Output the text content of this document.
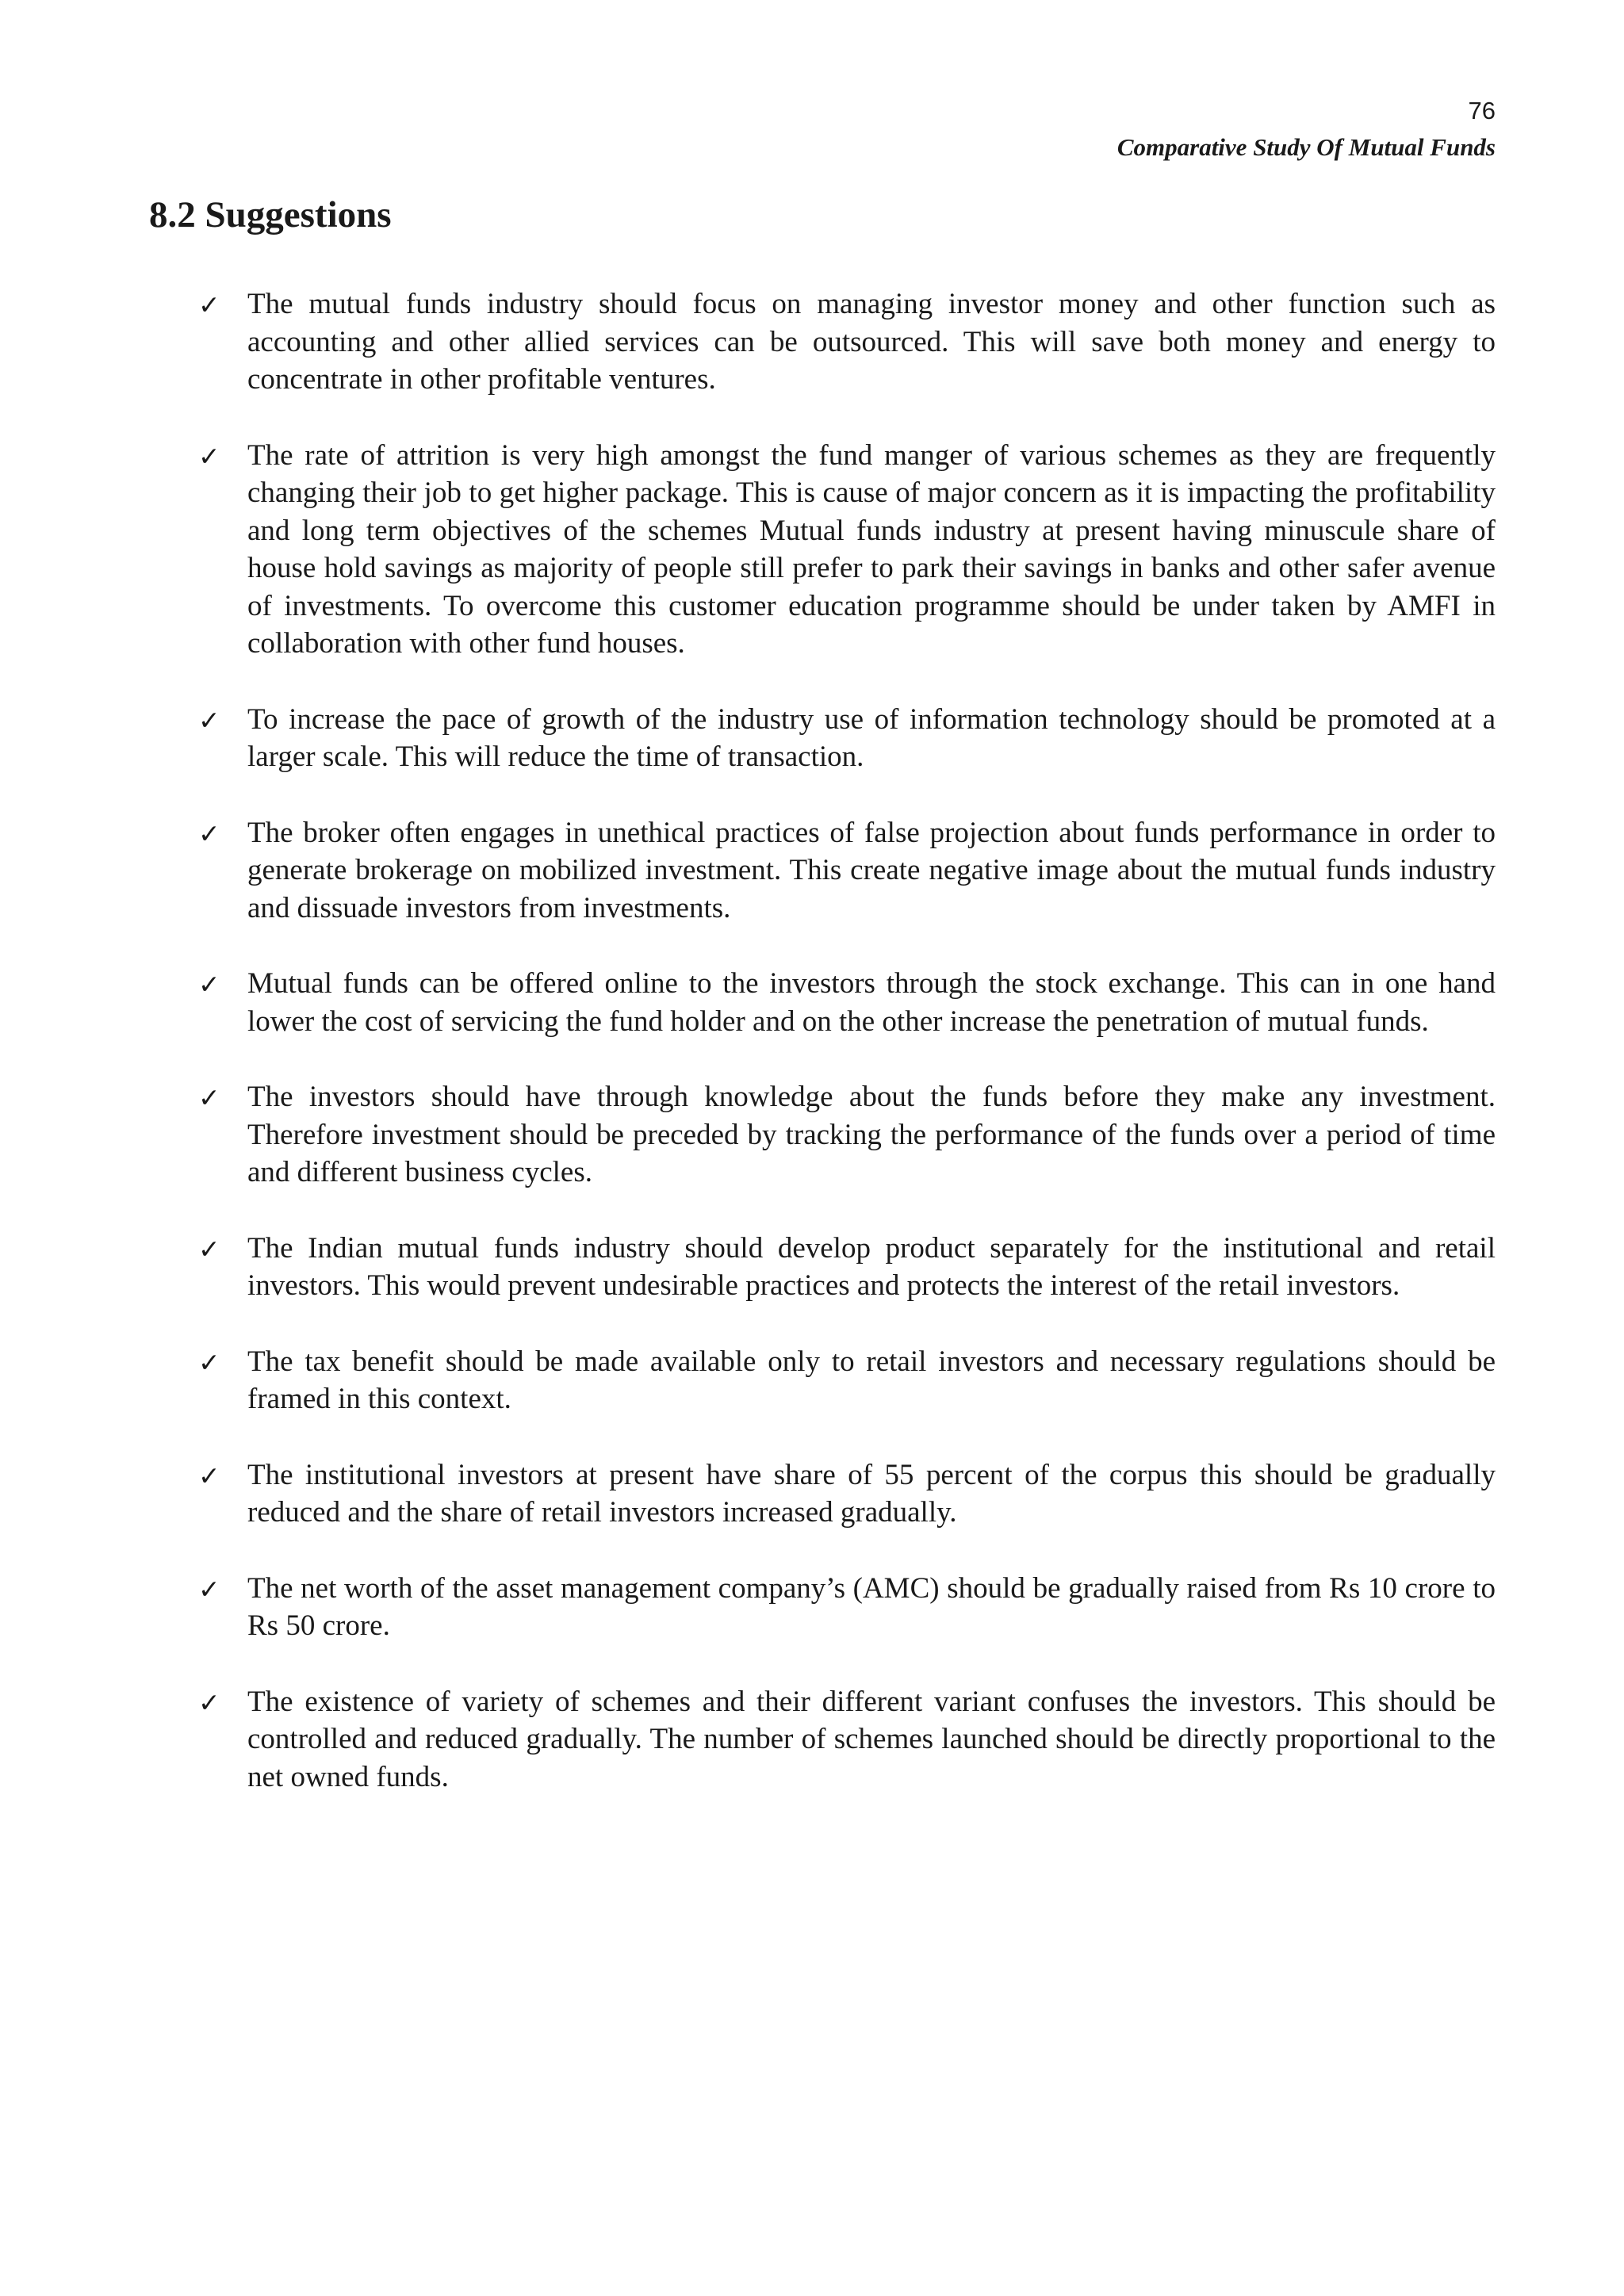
76
Comparative Study Of Mutual Funds
8.2 Suggestions
✓ The mutual funds industry should focus on managing investor money and other function such as accounting and other allied services can be outsourced. This will save both money and energy to concentrate in other profitable ventures.
✓ The rate of attrition is very high amongst the fund manger of various schemes as they are frequently changing their job to get higher package. This is cause of major concern as it is impacting the profitability and long term objectives of the schemes Mutual funds industry at present having minuscule share of house hold savings as majority of people still prefer to park their savings in banks and other safer avenue of investments. To overcome this customer education programme should be under taken by AMFI in collaboration with other fund houses.
✓ To increase the pace of growth of the industry use of information technology should be promoted at a larger scale. This will reduce the time of transaction.
✓ The broker often engages in unethical practices of false projection about funds performance in order to generate brokerage on mobilized investment. This create negative image about the mutual funds industry and dissuade investors from investments.
✓ Mutual funds can be offered online to the investors through the stock exchange. This can in one hand lower the cost of servicing the fund holder and on the other increase the penetration of mutual funds.
✓ The investors should have through knowledge about the funds before they make any investment. Therefore investment should be preceded by tracking the performance of the funds over a period of time and different business cycles.
✓ The Indian mutual funds industry should develop product separately for the institutional and retail investors. This would prevent undesirable practices and protects the interest of the retail investors.
✓ The tax benefit should be made available only to retail investors and necessary regulations should be framed in this context.
✓ The institutional investors at present have share of 55 percent of the corpus this should be gradually reduced and the share of retail investors increased gradually.
✓ The net worth of the asset management company’s (AMC) should be gradually raised from Rs 10 crore to Rs 50 crore.
✓ The existence of variety of schemes and their different variant confuses the investors. This should be controlled and reduced gradually. The number of schemes launched should be directly proportional to the net owned funds.
